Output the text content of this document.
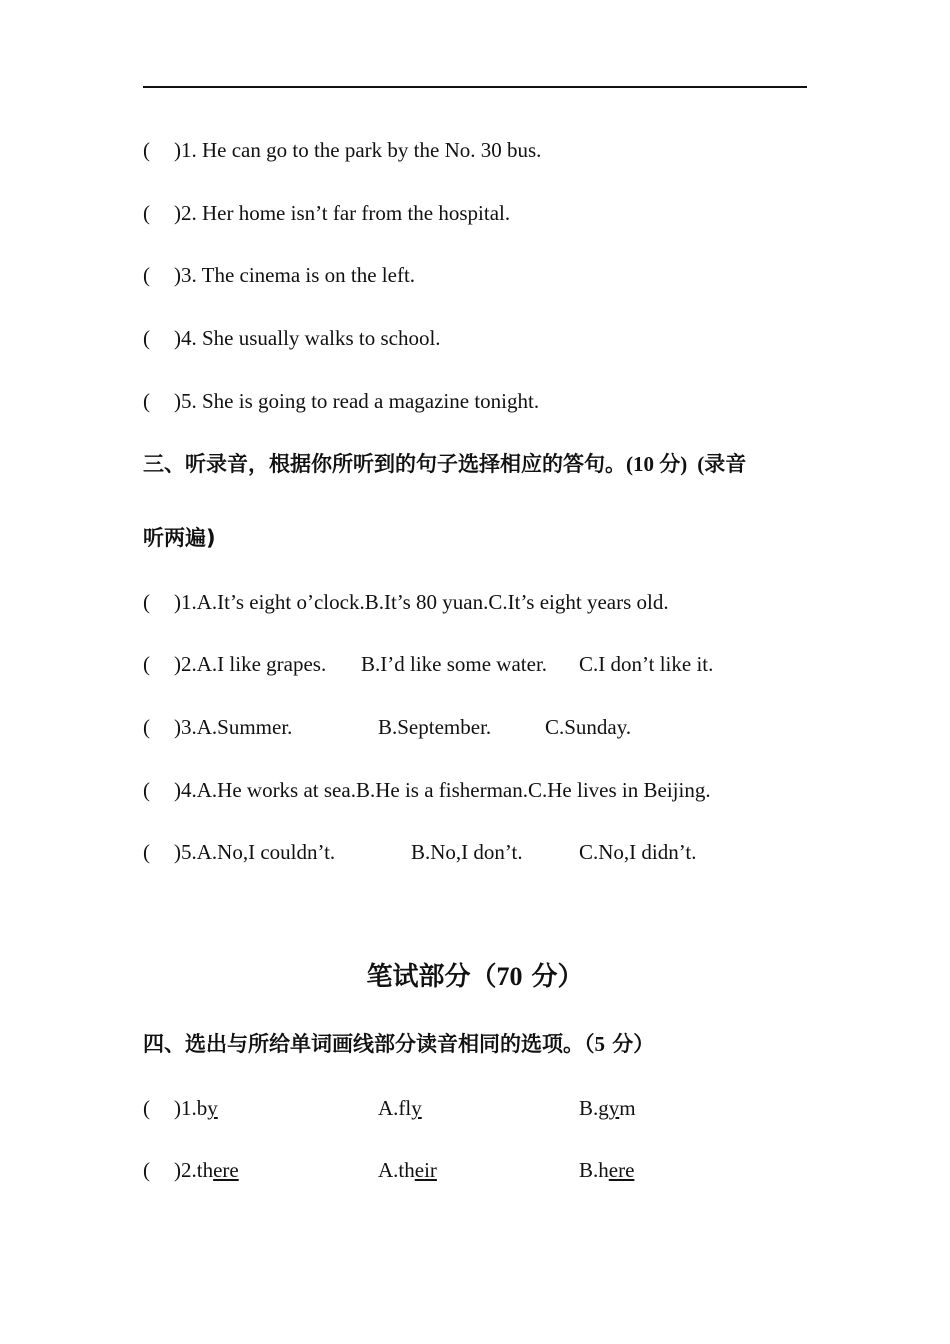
( )1. He can go to the park by the No. 30 bus.
( )2. Her home isn’t far from the hospital.
( )3. The cinema is on the left.
( )4. She usually walks to school.
( )5. She is going to read a magazine tonight.
三、听录音，根据你所听到的句子选择相应的答句。(10 分) (录音
听两遍)
( )1.A.It’s eight o’clock.B.It’s 80 yuan.C.It’s eight years old.
( )2.A.I like grapes. B.I’d like some water. C.I don’t like it.
( )3.A.Summer.	B.September.	C.Sunday.
( )4.A.He works at sea.B.He is a fisherman.C.He lives in Beijing.
( )5.A.No,I couldn’t.	B.No,I don’t.	C.No,I didn’t.
笔试部分（70 分）
四、选出与所给单词画线部分读音相同的选项。（5 分）
( )1.by	A.fly	B.gym
( )2.there	A.their	B.here
